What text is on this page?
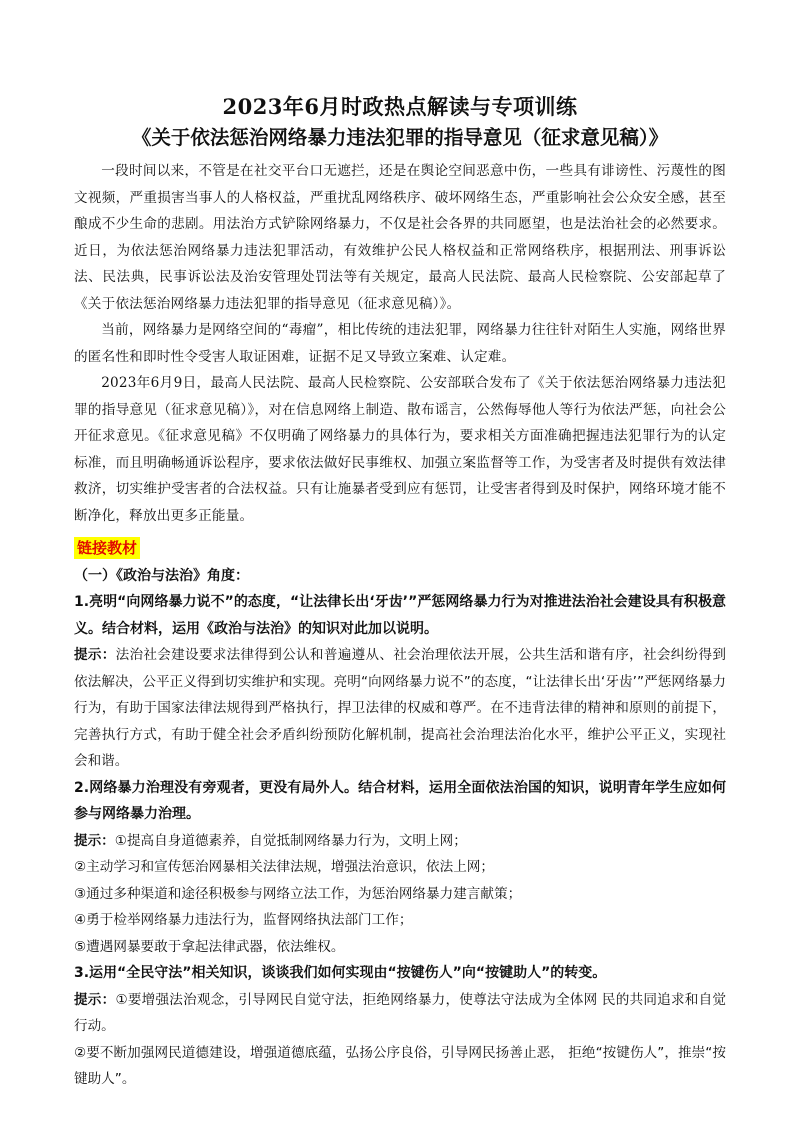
2023年6月时政热点解读与专项训练
《关于依法惩治网络暴力违法犯罪的指导意见（征求意见稿）》

一段时间以来，不管是在社交平台口无遮拦，还是在舆论空间恶意中伤，一些具有诽谤性、污蔑性的图文视频，严重损害当事人的人格权益，严重扰乱网络秩序、破坏网络生态，严重影响社会公众安全感，甚至酿成不少生命的悲剧。用法治方式铲除网络暴力，不仅是社会各界的共同愿望，也是法治社会的必然要求。近日，为依法惩治网络暴力违法犯罪活动，有效维护公民人格权益和正常网络秩序，根据刑法、刑事诉讼法、民法典，民事诉讼法及治安管理处罚法等有关规定，最高人民法院、最高人民检察院、公安部起草了《关于依法惩治网络暴力违法犯罪的指导意见（征求意见稿）》。

当前，网络暴力是网络空间的“毒瘤”，相比传统的违法犯罪，网络暴力往往针对陌生人实施，网络世界的匿名性和即时性令受害人取证困难，证据不足又导致立案难、认定难。

2023年6月9日，最高人民法院、最高人民检察院、公安部联合发布了《关于依法惩治网络暴力违法犯罪的指导意见（征求意见稿）》，对在信息网络上制造、散布谣言，公然侮辱他人等行为依法严惩，向社会公开征求意见。《征求意见稿》不仅明确了网络暴力的具体行为，要求相关方面准确把握违法犯罪行为的认定标准，而且明确畅通诉讼程序，要求依法做好民事维权、加强立案监督等工作，为受害者及时提供有效法律救济，切实维护受害者的合法权益。只有让施暴者受到应有惩罚，让受害者得到及时保护，网络环境才能不断净化，释放出更多正能量。

链接教材

（一）《政治与法治》角度：

1.亮明“向网络暴力说不”的态度，“让法律长出‘牙齿’”严惩网络暴力行为对推进法治社会建设具有积极意义。结合材料，运用《政治与法治》的知识对此加以说明。

提示：法治社会建设要求法律得到公认和普遍遵从、社会治理依法开展，公共生活和谐有序，社会纠纷得到依法解决，公平正义得到切实维护和实现。亮明“向网络暴力说不”的态度，“让法律长出‘牙齿’”严惩网络暴力行为，有助于国家法律法规得到严格执行，捍卫法律的权威和尊严。在不违背法律的精神和原则的前提下，完善执行方式，有助于健全社会矛盾纠纷预防化解机制，提高社会治理法治化水平，维护公平正义，实现社会和谐。

2.网络暴力治理没有旁观者，更没有局外人。结合材料，运用全面依法治国的知识，说明青年学生应如何参与网络暴力治理。

提示：①提高自身道德素养，自觉抵制网络暴力行为，文明上网；

②主动学习和宣传惩治网暴相关法律法规，增强法治意识，依法上网；

③通过多种渠道和途径积极参与网络立法工作，为惩治网络暴力建言献策；

④勇于检举网络暴力违法行为，监督网络执法部门工作；

⑤遭遇网暴要敢于拿起法律武器，依法维权。

3.运用“全民守法”相关知识，谈谈我们如何实现由“按键伤人”向“按键助人”的转变。

提示：①要增强法治观念，引导网民自觉守法，拒绝网络暴力，使尊法守法成为全体网 民的共同追求和自觉行动。

②要不断加强网民道德建设，增强道德底蕴，弘扬公序良俗，引导网民扬善止恶， 拒绝“按键伤人”，推崇“按键助人”。
